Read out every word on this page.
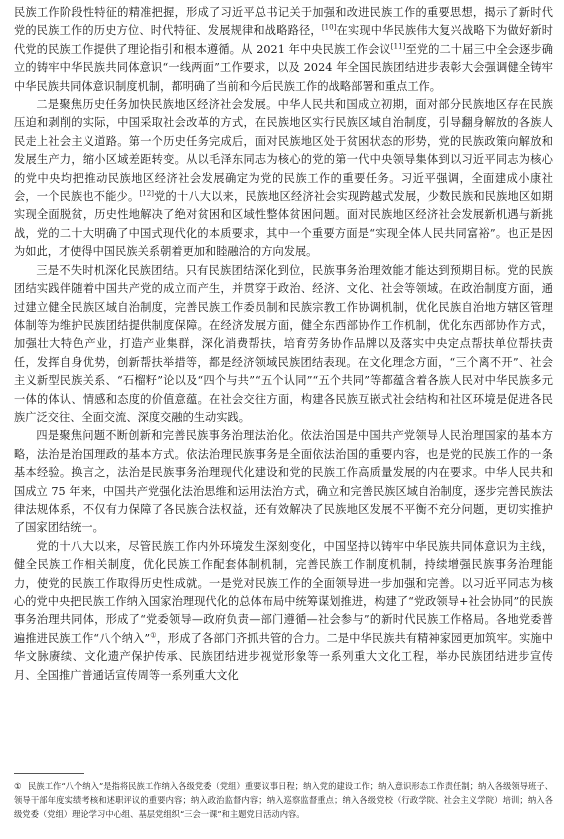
民族工作阶段性特征的精准把握，形成了习近平总书记关于加强和改进民族工作的重要思想，揭示了新时代党的民族工作的历史方位、时代特征、发展规律和战略路径，[10]在实现中华民族伟大复兴战略下为做好新时代党的民族工作提供了理论指引和根本遵循。从 2021 年中央民族工作会议[11]至党的二十届三中全会逐步确立的铸牢中华民族共同体意识“一线两面”工作要求，以及 2024 年全国民族团结进步表彰大会强调健全铸牢中华民族共同体意识制度机制，都明确了当前和今后民族工作的战略部署和重点工作。

二是聚焦历史任务加快民族地区经济社会发展。中华人民共和国成立初期，面对部分民族地区存在民族压迫和剥削的实际，中国采取社会改革的方式，在民族地区实行民族区域自治制度，引导翻身解放的各族人民走上社会主义道路。第一个历史任务完成后，面对民族地区处于贫困状态的形势，党的民族政策向解放和发展生产力，缩小区域差距转变。从以毛泽东同志为核心的党的第一代中央领导集体到以习近平同志为核心的党中央均把推动民族地区经济社会发展确定为党的民族工作的重要任务。习近平强调，全面建成小康社会，一个民族也不能少。[12]党的十八大以来，民族地区经济社会实现跨越式发展，少数民族和民族地区如期实现全面脱贫，历史性地解决了绝对贫困和区域性整体贫困问题。面对民族地区经济社会发展新机遇与新挑战，党的二十大明确了中国式现代化的本质要求，其中一个重要方面是“实现全体人民共同富裕”。也正是因为如此，才使得中国民族关系朝着更加和睦融洽的方向发展。

三是不失时机深化民族团结。只有民族团结深化到位，民族事务治理效能才能达到预期目标。党的民族团结实践伴随着中国共产党的成立而产生，并贯穿于政治、经济、文化、社会等领域。在政治制度方面，通过建立健全民族区域自治制度，完善民族工作委员制和民族宗教工作协调机制，优化民族自治地方辖区管理体制等为维护民族团结提供制度保障。在经济发展方面，健全东西部协作工作机制，优化东西部协作方式，加强壮大特色产业，打造产业集群，深化消费帮扶，培育劳务协作品牌以及落实中央定点帮扶单位帮扶责任，发挥自身优势，创新帮扶举措等，都是经济领域民族团结表现。在文化理念方面，“三个离不开”、社会主义新型民族关系、“石榴籽”论以及“四个与共”“五个认同”“五个共同”等都蕴含着各族人民对中华民族多元一体的体认、情感和态度的价值意蕴。在社会交往方面，构建各民族互嵌式社会结构和社区环境是促进各民族广泛交往、全面交流、深度交融的生动实践。

四是聚焦问题不断创新和完善民族事务治理法治化。依法治国是中国共产党领导人民治理国家的基本方略，法治是治国理政的基本方式。依法治理民族事务是全面依法治国的重要内容，也是党的民族工作的一条基本经验。换言之，法治是民族事务治理现代化建设和党的民族工作高质量发展的内在要求。中华人民共和国成立 75 年来，中国共产党强化法治思维和运用法治方式，确立和完善民族区域自治制度，逐步完善民族法律法规体系，不仅有力保障了各民族合法权益，还有效解决了民族地区发展不平衡不充分问题，更切实推护了国家团结统一。

党的十八大以来，尽管民族工作内外环境发生深刻变化，中国坚持以铸牢中华民族共同体意识为主线，健全民族工作相关制度，优化民族工作配套体制机制，完善民族工作制度机制，持续增强民族事务治理能力，使党的民族工作取得历史性成就。一是党对民族工作的全面领导进一步加强和完善。以习近平同志为核心的党中央把民族工作纳入国家治理现代化的总体布局中统筹谋划推进，构建了“党政领导+社会协同”的民族事务治理共同体，形成了“党委领导—政府负责—部门遵循—社会参与”的新时代民族工作格局。各地党委普遍推进民族工作“八个纳入”①，形成了各部门齐抓共管的合力。二是中华民族共有精神家园更加筑牢。实施中华文脉赓续、文化遗产保护传承、民族团结进步视觉形象等一系列重大文化工程，举办民族团结进步宣传月、全国推广普通话宣传周等一系列重大文化

① 民族工作“八个纳入”是指将民族工作纳入各级党委（党组）重要议事日程；纳入党的建设工作；纳入意识形态工作责任制；纳入各级领导班子、领导干部年度实绩考核和述职评议的重要内容；纳入政治监督内容；纳入巡察监督重点；纳入各级党校（行政学院、社会主义学院）培训；纳入各级党委（党组）理论学习中心组、基层党组织“三会一课”和主题党日活动内容。
